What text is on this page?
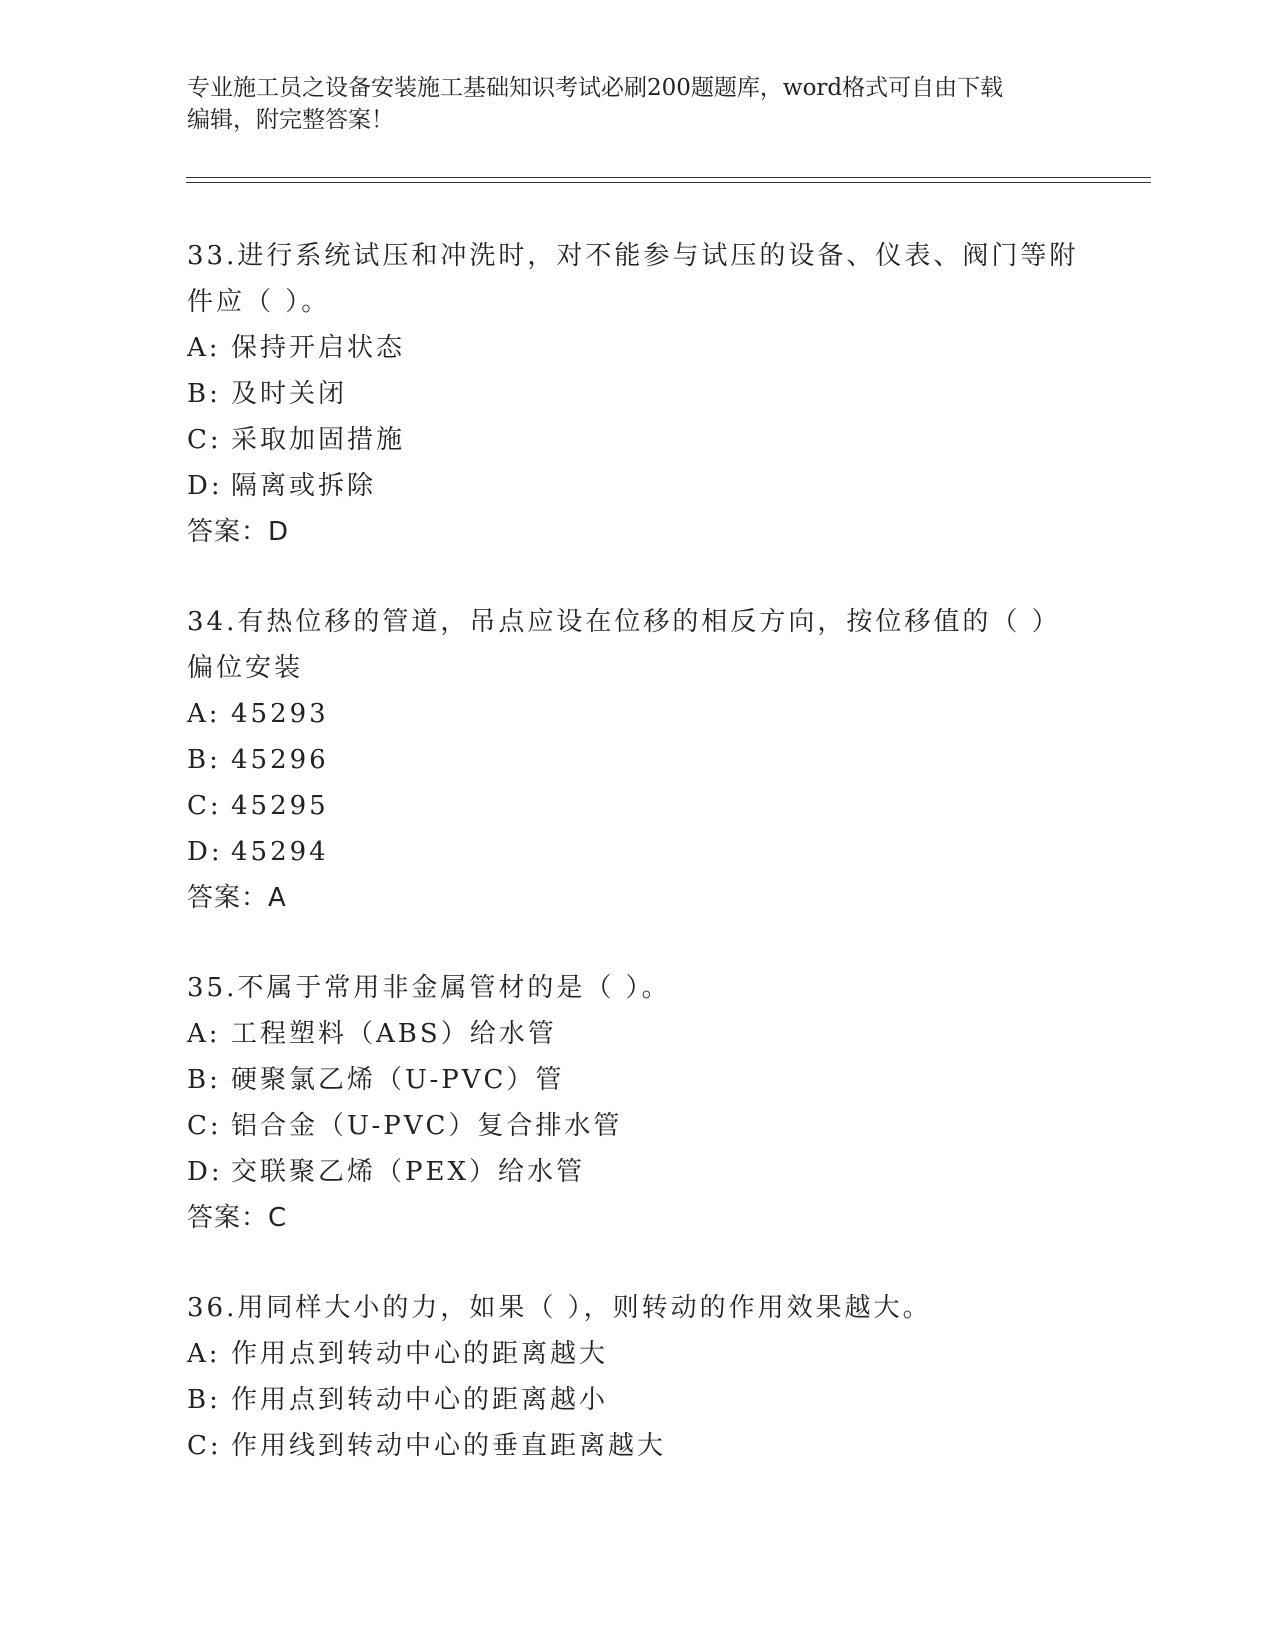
专业施工员之设备安装施工基础知识考试必刷200题题库，word格式可自由下载
编辑，附完整答案！
33.进行系统试压和冲洗时，对不能参与试压的设备、仪表、阀门等附
件应（ ）。
A: 保持开启状态
B: 及时关闭
C: 采取加固措施
D: 隔离或拆除
答案：D
34.有热位移的管道，吊点应设在位移的相反方向，按位移值的（ ）
偏位安装
A: 45293
B: 45296
C: 45295
D: 45294
答案：A
35.不属于常用非金属管材的是（ ）。
A: 工程塑料（ABS）给水管
B: 硬聚氯乙烯（U-PVC）管
C: 铝合金（U-PVC）复合排水管
D: 交联聚乙烯（PEX）给水管
答案：C
36.用同样大小的力，如果（ ），则转动的作用效果越大。
A: 作用点到转动中心的距离越大
B: 作用点到转动中心的距离越小
C: 作用线到转动中心的垂直距离越大
